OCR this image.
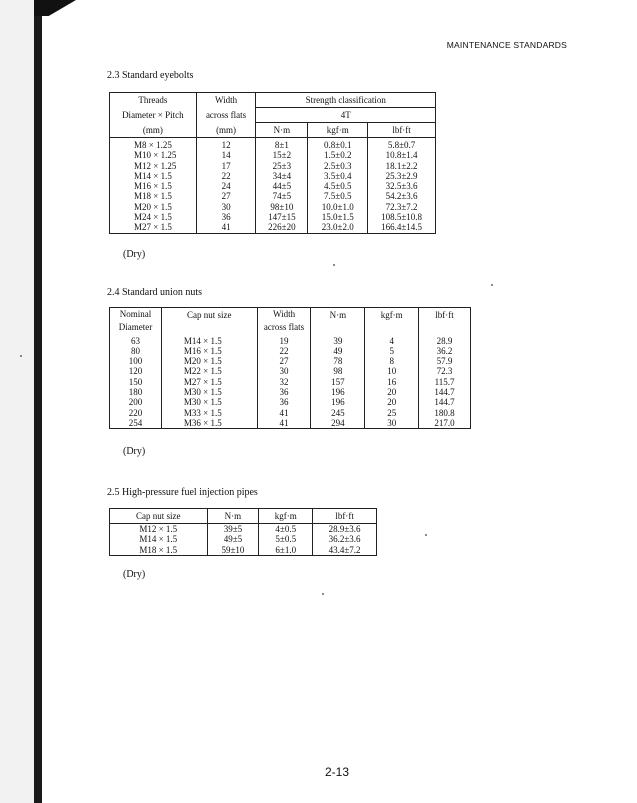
MAINTENANCE STANDARDS
2.3 Standard eyebolts
Threads	Width	Strength classification		
Diameter × Pitch	across flats	4T		
(mm)	(mm)	N·m	kgf·m	lbf·ft
M8 × 1.25	12	8±1	0.8±0.1	5.8±0.7
M10 × 1.25	14	15±2	1.5±0.2	10.8±1.4
M12 × 1.25	17	25±3	2.5±0.3	18.1±2.2
M14 × 1.5	22	34±4	3.5±0.4	25.3±2.9
M16 × 1.5	24	44±5	4.5±0.5	32.5±3.6
M18 × 1.5	27	74±5	7.5±0.5	54.2±3.6
M20 × 1.5	30	98±10	10.0±1.0	72.3±7.2
M24 × 1.5	36	147±15	15.0±1.5	108.5±10.8
M27 × 1.5	41	226±20	23.0±2.0	166.4±14.5
(Dry)
2.4 Standard union nuts
Nominal	Cap nut size	Width	N·m	kgf·m	lbf·ft
Diameter		across flats			
63	M14 × 1.5	19	39	4	28.9
80	M16 × 1.5	22	49	5	36.2
100	M20 × 1.5	27	78	8	57.9
120	M22 × 1.5	30	98	10	72.3
150	M27 × 1.5	32	157	16	115.7
180	M30 × 1.5	36	196	20	144.7
200	M30 × 1.5	36	196	20	144.7
220	M33 × 1.5	41	245	25	180.8
254	M36 × 1.5	41	294	30	217.0
(Dry)
2.5 High-pressure fuel injection pipes
Cap nut size	N·m	kgf·m	lbf·ft
M12 × 1.5	39±5	4±0.5	28.9±3.6
M14 × 1.5	49±5	5±0.5	36.2±3.6
M18 × 1.5	59±10	6±1.0	43.4±7.2
(Dry)
2-13
